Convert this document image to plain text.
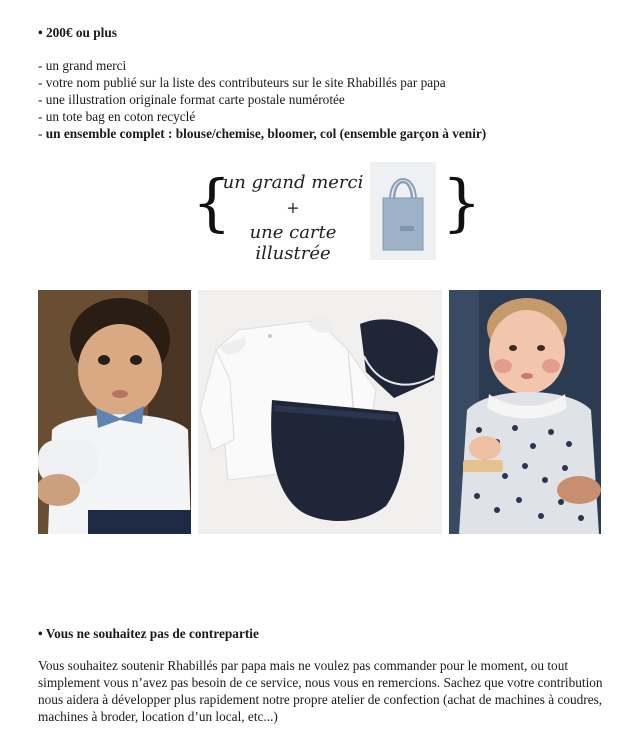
• 200€ ou plus
- un grand merci
- votre nom publié sur la liste des contributeurs sur le site Rhabillés par papa
- une illustration originale format carte postale numérotée
- un tote bag en coton recyclé
- un ensemble complet : blouse/chemise, bloomer, col (ensemble garçon à venir)
{
un grand merci
+
une carte illustrée
}
• Vous ne souhaitez pas de contrepartie
Vous souhaitez soutenir Rhabillés par papa mais ne voulez pas commander pour le moment, ou tout simplement vous n’avez pas besoin de ce service, nous vous en remercions. Sachez que votre contribution nous aidera à développer plus rapidement notre propre atelier de confection (achat de machines à coudres, machines à broder, location d’un local, etc...)
